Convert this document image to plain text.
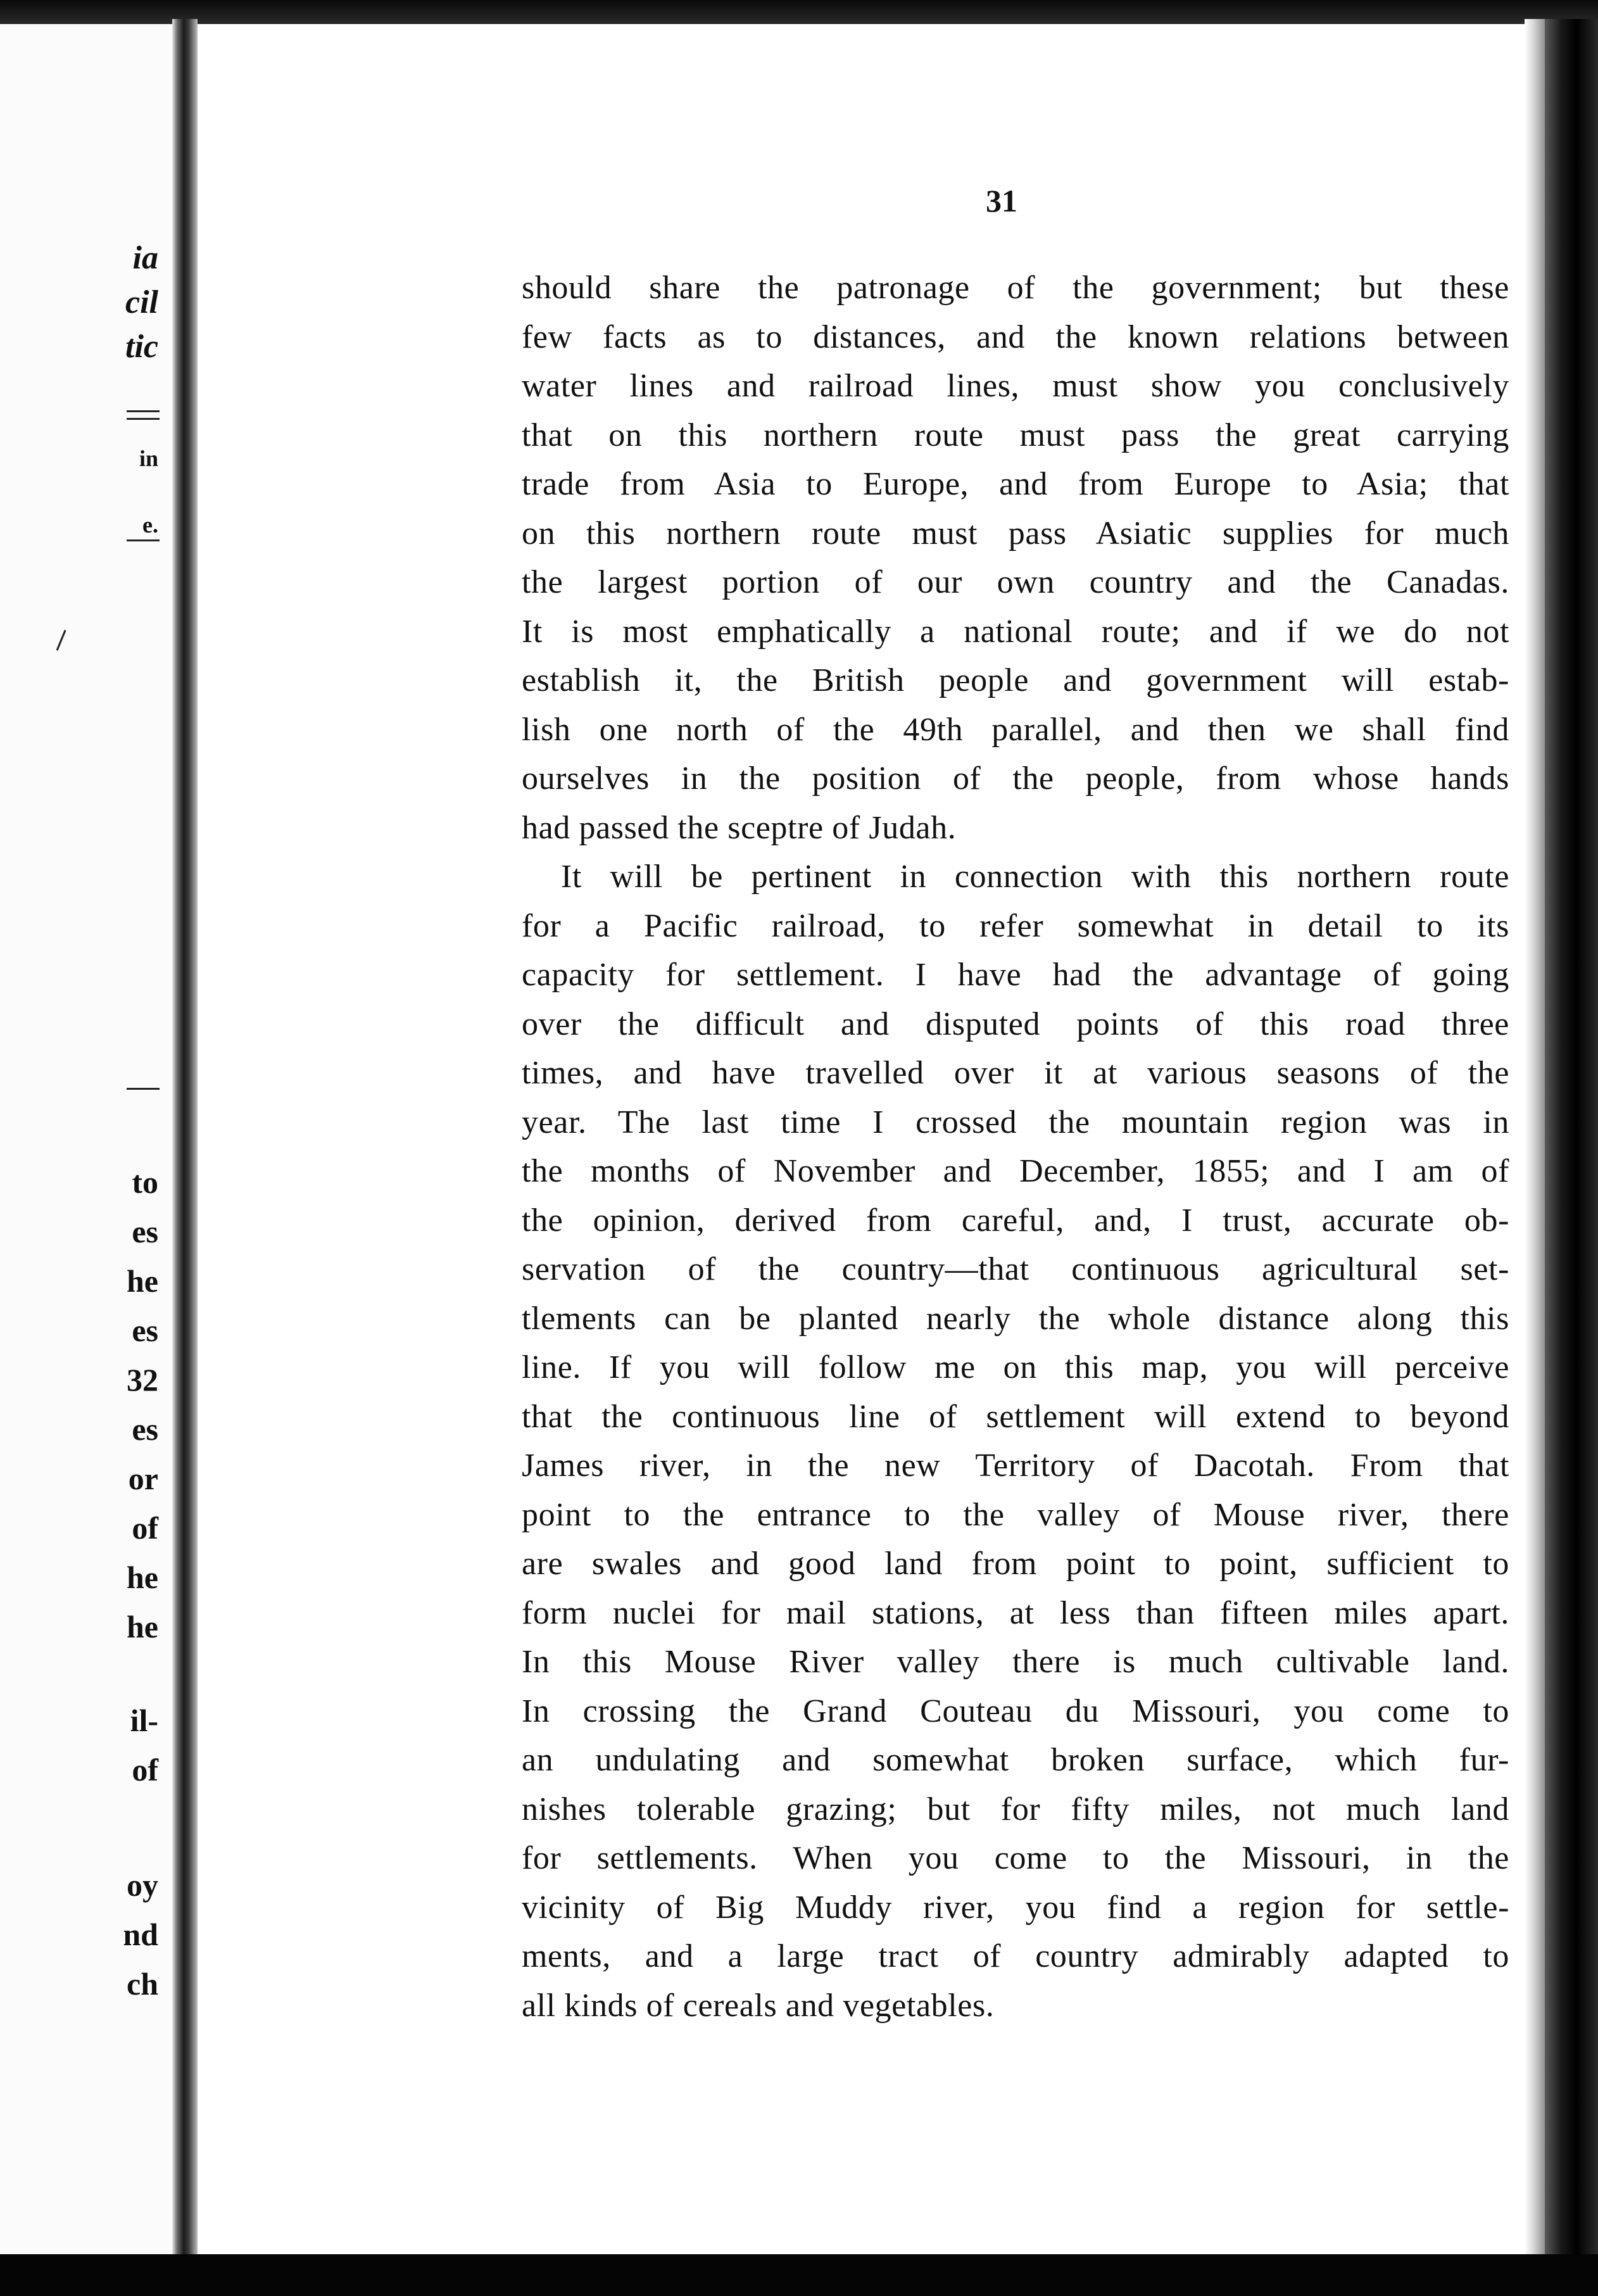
ia
cil
tic
in
e.
to
es
he
es
32
es
or
of
he
he
il-
of
oy
nd
ch
\
31
should share the patronage of the government; but these
few facts as to distances, and the known relations between
water lines and railroad lines, must show you conclusively
that on this northern route must pass the great carrying
trade from Asia to Europe, and from Europe to Asia; that
on this northern route must pass Asiatic supplies for much
the largest portion of our own country and the Canadas.
It is most emphatically a national route; and if we do not
establish it, the British people and government will estab-
lish one north of the 49th parallel, and then we shall find
ourselves in the position of the people, from whose hands
had passed the sceptre of Judah.
It will be pertinent in connection with this northern route
for a Pacific railroad, to refer somewhat in detail to its
capacity for settlement. I have had the advantage of going
over the difficult and disputed points of this road three
times, and have travelled over it at various seasons of the
year. The last time I crossed the mountain region was in
the months of November and December, 1855; and I am of
the opinion, derived from careful, and, I trust, accurate ob-
servation of the country—that continuous agricultural set-
tlements can be planted nearly the whole distance along this
line. If you will follow me on this map, you will perceive
that the continuous line of settlement will extend to beyond
James river, in the new Territory of Dacotah. From that
point to the entrance to the valley of Mouse river, there
are swales and good land from point to point, sufficient to
form nuclei for mail stations, at less than fifteen miles apart.
In this Mouse River valley there is much cultivable land.
In crossing the Grand Couteau du Missouri, you come to
an undulating and somewhat broken surface, which fur-
nishes tolerable grazing; but for fifty miles, not much land
for settlements. When you come to the Missouri, in the
vicinity of Big Muddy river, you find a region for settle-
ments, and a large tract of country admirably adapted to
all kinds of cereals and vegetables.
